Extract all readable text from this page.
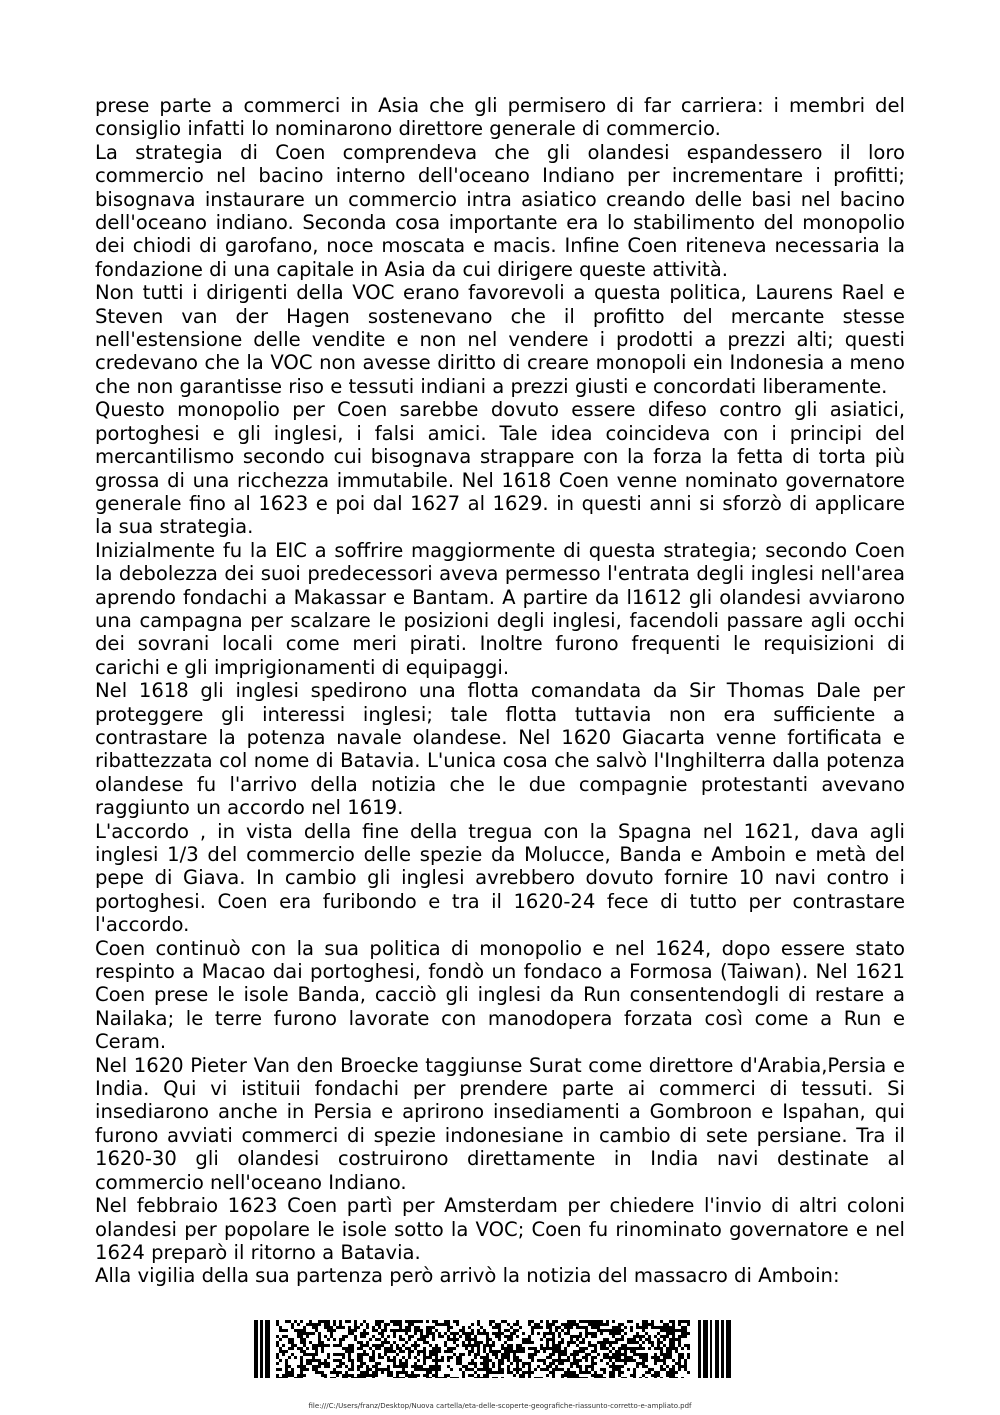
prese parte a commerci in Asia che gli permisero di far carriera: i membri del consiglio infatti lo nominarono direttore generale di commercio.

La strategia di Coen comprendeva che gli olandesi espandessero il loro commercio nel bacino interno dell'oceano Indiano per incrementare i profitti; bisognava instaurare un commercio intra asiatico creando delle basi nel bacino dell'oceano indiano. Seconda cosa importante era lo stabilimento del monopolio dei chiodi di garofano, noce moscata e macis. Infine Coen riteneva necessaria la fondazione di una capitale in Asia da cui dirigere queste attività.

Non tutti i dirigenti della VOC erano favorevoli a questa politica, Laurens Rael e Steven van der Hagen sostenevano che il profitto del mercante stesse nell'estensione delle vendite e non nel vendere i prodotti a prezzi alti; questi credevano che la VOC non avesse diritto di creare monopoli ein Indonesia a meno che non garantisse riso e tessuti indiani a prezzi giusti e concordati liberamente.

Questo monopolio per Coen sarebbe dovuto essere difeso contro gli asiatici, portoghesi e gli inglesi, i falsi amici. Tale idea coincideva con i principi del mercantilismo secondo cui bisognava strappare con la forza la fetta di torta più grossa di una ricchezza immutabile. Nel 1618 Coen venne nominato governatore generale fino al 1623 e poi dal 1627 al 1629. in questi anni si sforzò di applicare la sua strategia.

Inizialmente fu la EIC a soffrire maggiormente di questa strategia; secondo Coen la debolezza dei suoi predecessori aveva permesso l'entrata degli inglesi nell'area aprendo fondachi a Makassar e Bantam. A partire da l1612 gli olandesi avviarono una campagna per scalzare le posizioni degli inglesi, facendoli passare agli occhi dei sovrani locali come meri pirati. Inoltre furono frequenti le requisizioni di carichi e gli imprigionamenti di equipaggi.

Nel 1618 gli inglesi spedirono una flotta comandata da Sir Thomas Dale per proteggere gli interessi inglesi; tale flotta tuttavia non era sufficiente a contrastare la potenza navale olandese. Nel 1620 Giacarta venne fortificata e ribattezzata col nome di Batavia. L'unica cosa che salvò l'Inghilterra dalla potenza olandese fu l'arrivo della notizia che le due compagnie protestanti avevano raggiunto un accordo nel 1619.

L'accordo , in vista della fine della tregua con la Spagna nel 1621, dava agli inglesi 1/3 del commercio delle spezie da Molucce, Banda e Amboin e metà del pepe di Giava. In cambio gli inglesi avrebbero dovuto fornire 10 navi contro i portoghesi. Coen era furibondo e tra il 1620-24 fece di tutto per contrastare l'accordo.

Coen continuò con la sua politica di monopolio e nel 1624, dopo essere stato respinto a Macao dai portoghesi, fondò un fondaco a Formosa (Taiwan). Nel 1621 Coen prese le isole Banda, cacciò gli inglesi da Run consentendogli di restare a Nailaka; le terre furono lavorate con manodopera forzata così come a Run e Ceram.

Nel 1620 Pieter Van den Broecke taggiunse Surat come direttore d'Arabia,Persia e India. Qui vi istituii fondachi per prendere parte ai commerci di tessuti. Si insediarono anche in Persia e aprirono insediamenti a Gombroon e Ispahan, qui furono avviati commerci di spezie indonesiane in cambio di sete persiane. Tra il 1620-30 gli olandesi costruirono direttamente in India navi destinate al commercio nell'oceano Indiano.

Nel febbraio 1623 Coen partì per Amsterdam per chiedere l'invio di altri coloni olandesi per popolare le isole sotto la VOC; Coen fu rinominato governatore e nel 1624 preparò il ritorno a Batavia.

Alla vigilia della sua partenza però arrivò la notizia del massacro di Amboin:

file:///C:/Users/franz/Desktop/Nuova cartella/eta-delle-scoperte-geografiche-riassunto-corretto-e-ampliato.pdf
